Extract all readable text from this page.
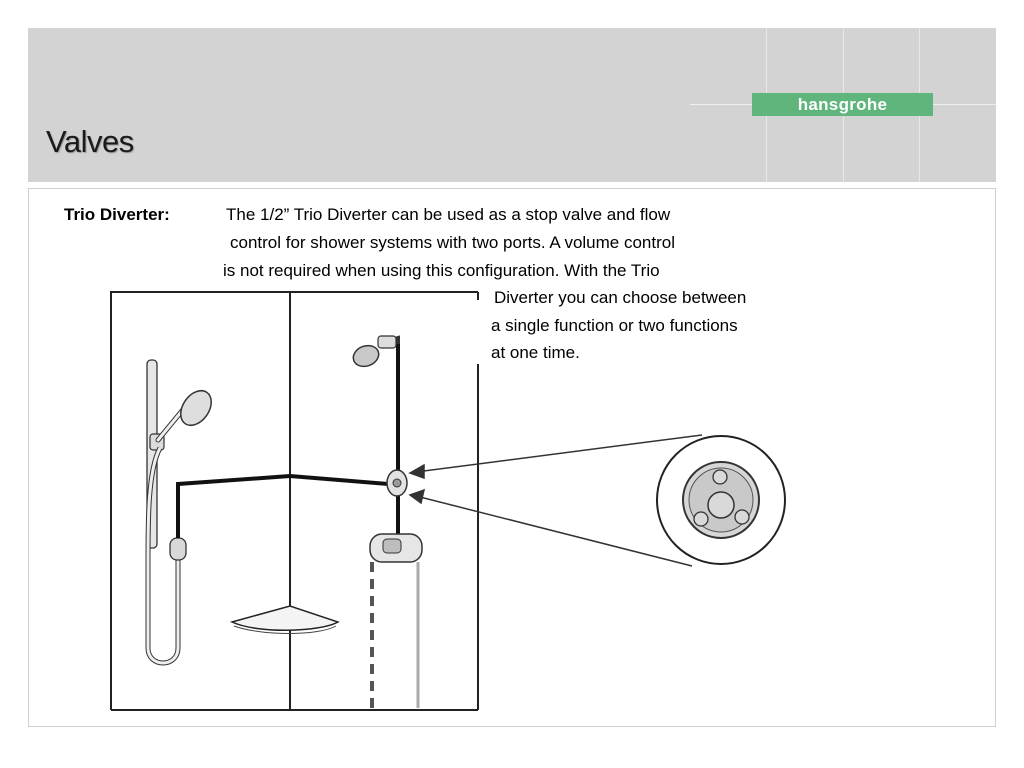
hansgrohe
Valves
Trio Diverter:	The 1/2” Trio Diverter can be used as a stop valve and flow
control for shower systems with two ports. A volume control
is not required when using this configuration. With the Trio
Diverter you can choose between
a single function or two functions
at one time.
